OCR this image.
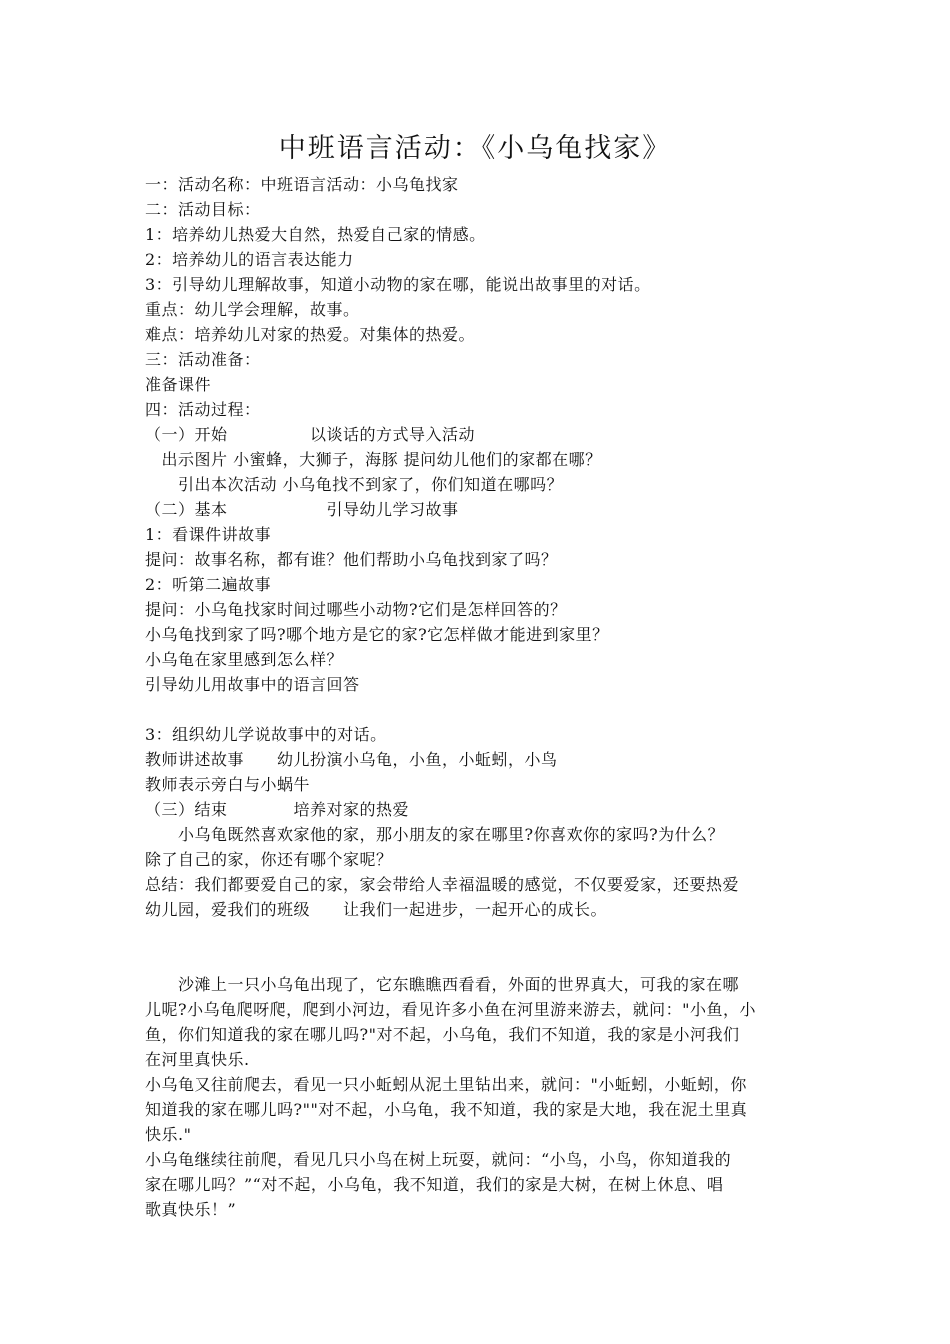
中班语言活动：《小乌龟找家》
一：活动名称：中班语言活动：小乌龟找家
二：活动目标：
1：培养幼儿热爱大自然，热爱自己家的情感。
2：培养幼儿的语言表达能力
3：引导幼儿理解故事，知道小动物的家在哪，能说出故事里的对话。
重点：幼儿学会理解，故事。
难点：培养幼儿对家的热爱。对集体的热爱。
三：活动准备：
准备课件
四：活动过程：
（一）开始　　　　　以谈话的方式导入活动
　出示图片 小蜜蜂，大狮子，海豚 提问幼儿他们的家都在哪？
　　引出本次活动 小乌龟找不到家了，你们知道在哪吗？
（二）基本　　　　　　引导幼儿学习故事
1：看课件讲故事
提问：故事名称，都有谁？他们帮助小乌龟找到家了吗？
2：听第二遍故事
提问：小乌龟找家时间过哪些小动物?它们是怎样回答的？
小乌龟找到家了吗?哪个地方是它的家?它怎样做才能进到家里？
小乌龟在家里感到怎么样？
引导幼儿用故事中的语言回答
3：组织幼儿学说故事中的对话。
教师讲述故事　　幼儿扮演小乌龟，小鱼，小蚯蚓，小鸟
教师表示旁白与小蜗牛
（三）结束　　　　培养对家的热爱
　　小乌龟既然喜欢家他的家，那小朋友的家在哪里?你喜欢你的家吗?为什么？
除了自己的家，你还有哪个家呢？
总结：我们都要爱自己的家，家会带给人幸福温暖的感觉，不仅要爱家，还要热爱
幼儿园，爱我们的班级　　让我们一起进步，一起开心的成长。
　　沙滩上一只小乌龟出现了，它东瞧瞧西看看，外面的世界真大，可我的家在哪
儿呢?小乌龟爬呀爬，爬到小河边，看见许多小鱼在河里游来游去，就问："小鱼，小
鱼，你们知道我的家在哪儿吗?"对不起，小乌龟，我们不知道，我的家是小河我们
在河里真快乐.
小乌龟又往前爬去，看见一只小蚯蚓从泥土里钻出来，就问："小蚯蚓，小蚯蚓，你
知道我的家在哪儿吗?""对不起，小乌龟，我不知道，我的家是大地，我在泥土里真
快乐."
小乌龟继续往前爬，看见几只小鸟在树上玩耍，就问：“小鸟，小鸟，你知道我的
家在哪儿吗？”“对不起，小乌龟，我不知道，我们的家是大树，在树上休息、唱
歌真快乐！”
